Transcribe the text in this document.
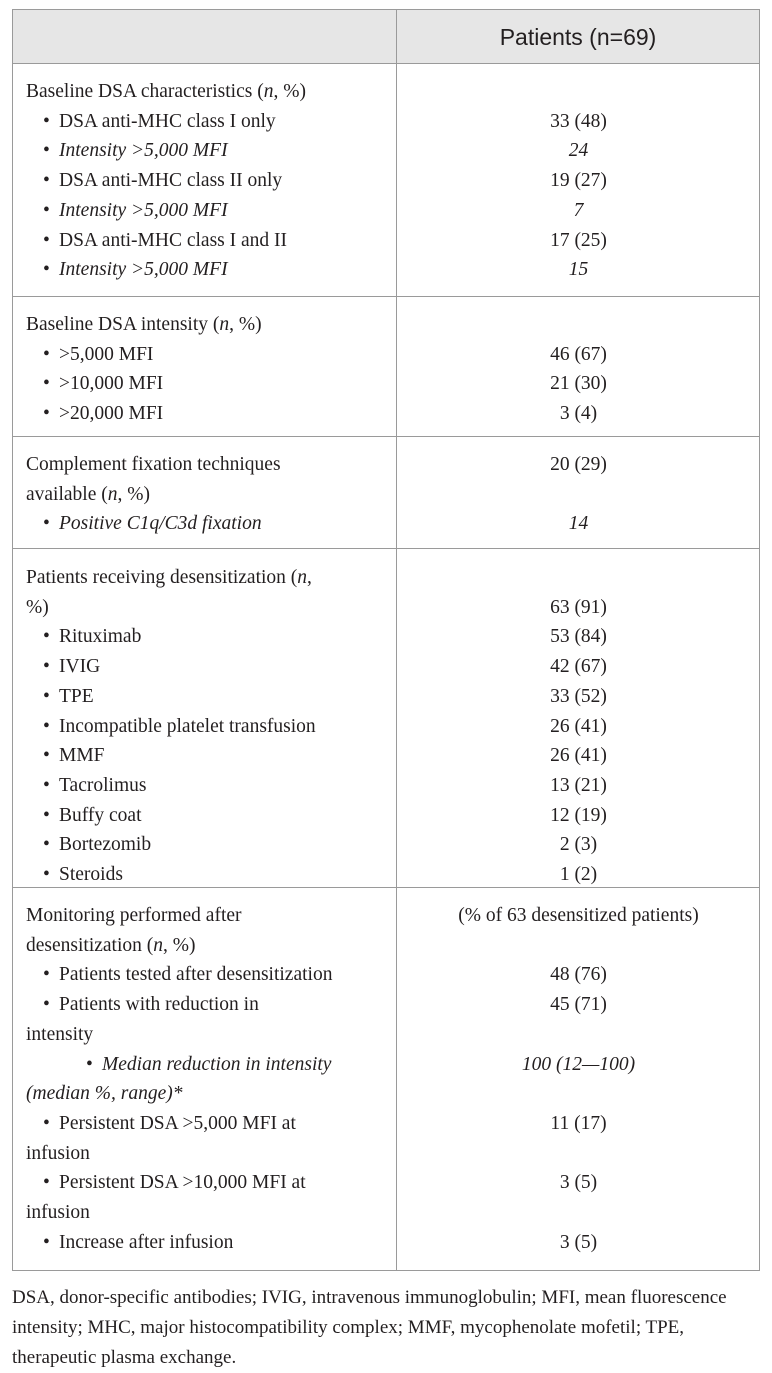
Patients (n=69)
Baseline DSA characteristics (n, %)
• DSA anti-MHC class I only	33 (48)
• Intensity >5,000 MFI	24
• DSA anti-MHC class II only	19 (27)
• Intensity >5,000 MFI	7
• DSA anti-MHC class I and II	17 (25)
• Intensity >5,000 MFI	15
Baseline DSA intensity (n, %)
• >5,000 MFI	46 (67)
• >10,000 MFI	21 (30)
• >20,000 MFI	3 (4)
Complement fixation techniques	20 (29)
available (n, %)
• Positive C1q/C3d fixation	14
Patients receiving desensitization (n,
%)	63 (91)
• Rituximab	53 (84)
• IVIG	42 (67)
• TPE	33 (52)
• Incompatible platelet transfusion	26 (41)
• MMF	26 (41)
• Tacrolimus	13 (21)
• Buffy coat	12 (19)
• Bortezomib	2 (3)
• Steroids	1 (2)
Monitoring performed after	(% of 63 desensitized patients)
desensitization (n, %)
• Patients tested after desensitization	48 (76)
• Patients with reduction in	45 (71)
intensity
• Median reduction in intensity	100 (12—100)
(median %, range)*
• Persistent DSA >5,000 MFI at	11 (17)
infusion
• Persistent DSA >10,000 MFI at	3 (5)
infusion
• Increase after infusion	3 (5)
DSA, donor-specific antibodies; IVIG, intravenous immunoglobulin; MFI, mean fluorescence
intensity; MHC, major histocompatibility complex; MMF, mycophenolate mofetil; TPE,
therapeutic plasma exchange.
